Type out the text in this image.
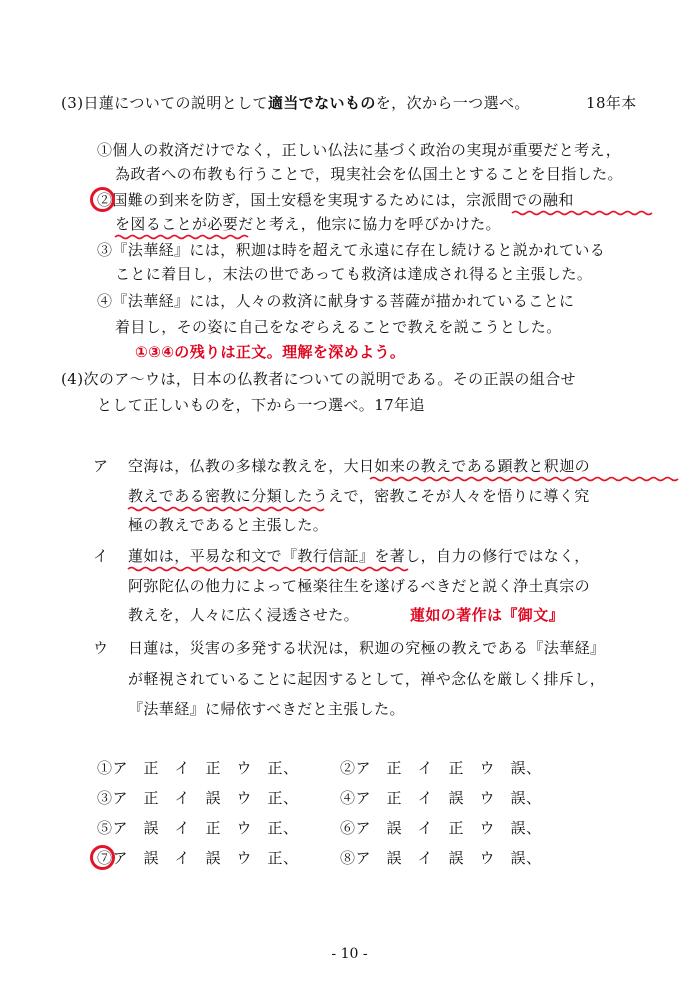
(3)日蓮についての説明として適当でないものを，次から一つ選べ。	18年本
①個人の救済だけでなく，正しい仏法に基づく政治の実現が重要だと考え，
為政者への布教も行うことで，現実社会を仏国土とすることを目指した。
②国難の到来を防ぎ，国土安穏を実現するためには，宗派間での融和
を図ることが必要だと考え，他宗に協力を呼びかけた。
③『法華経』には，釈迦は時を超えて永遠に存在し続けると説かれている
ことに着目し，末法の世であっても救済は達成され得ると主張した。
④『法華経』には，人々の救済に献身する菩薩が描かれていることに
着目し，その姿に自己をなぞらえることで教えを説こうとした。
①③④の残りは正文。理解を深めよう。
(4)次のア～ウは，日本の仏教者についての説明である。その正誤の組合せ
として正しいものを，下から一つ選べ。17年追
ア 空海は，仏教の多様な教えを，大日如来の教えである顕教と釈迦の
教えである密教に分類したうえで，密教こそが人々を悟りに導く究
極の教えであると主張した。
イ 蓮如は，平易な和文で『教行信証』を著し，自力の修行ではなく，
阿弥陀仏の他力によって極楽往生を遂げるべきだと説く浄土真宗の
教えを，人々に広く浸透させた。	蓮如の著作は『御文』
ウ 日蓮は，災害の多発する状況は，釈迦の究極の教えである『法華経』
が軽視されていることに起因するとして，禅や念仏を厳しく排斥し，
『法華経』に帰依すべきだと主張した。
①ア　正　イ　正　ウ　正、	②ア　正　イ　正　ウ　誤、
③ア　正　イ　誤　ウ　正、	④ア　正　イ　誤　ウ　誤、
⑤ア　誤　イ　正　ウ　正、	⑥ア　誤　イ　正　ウ　誤、
⑦ア　誤　イ　誤　ウ　正、	⑧ア　誤　イ　誤　ウ　誤、
- 10 -
